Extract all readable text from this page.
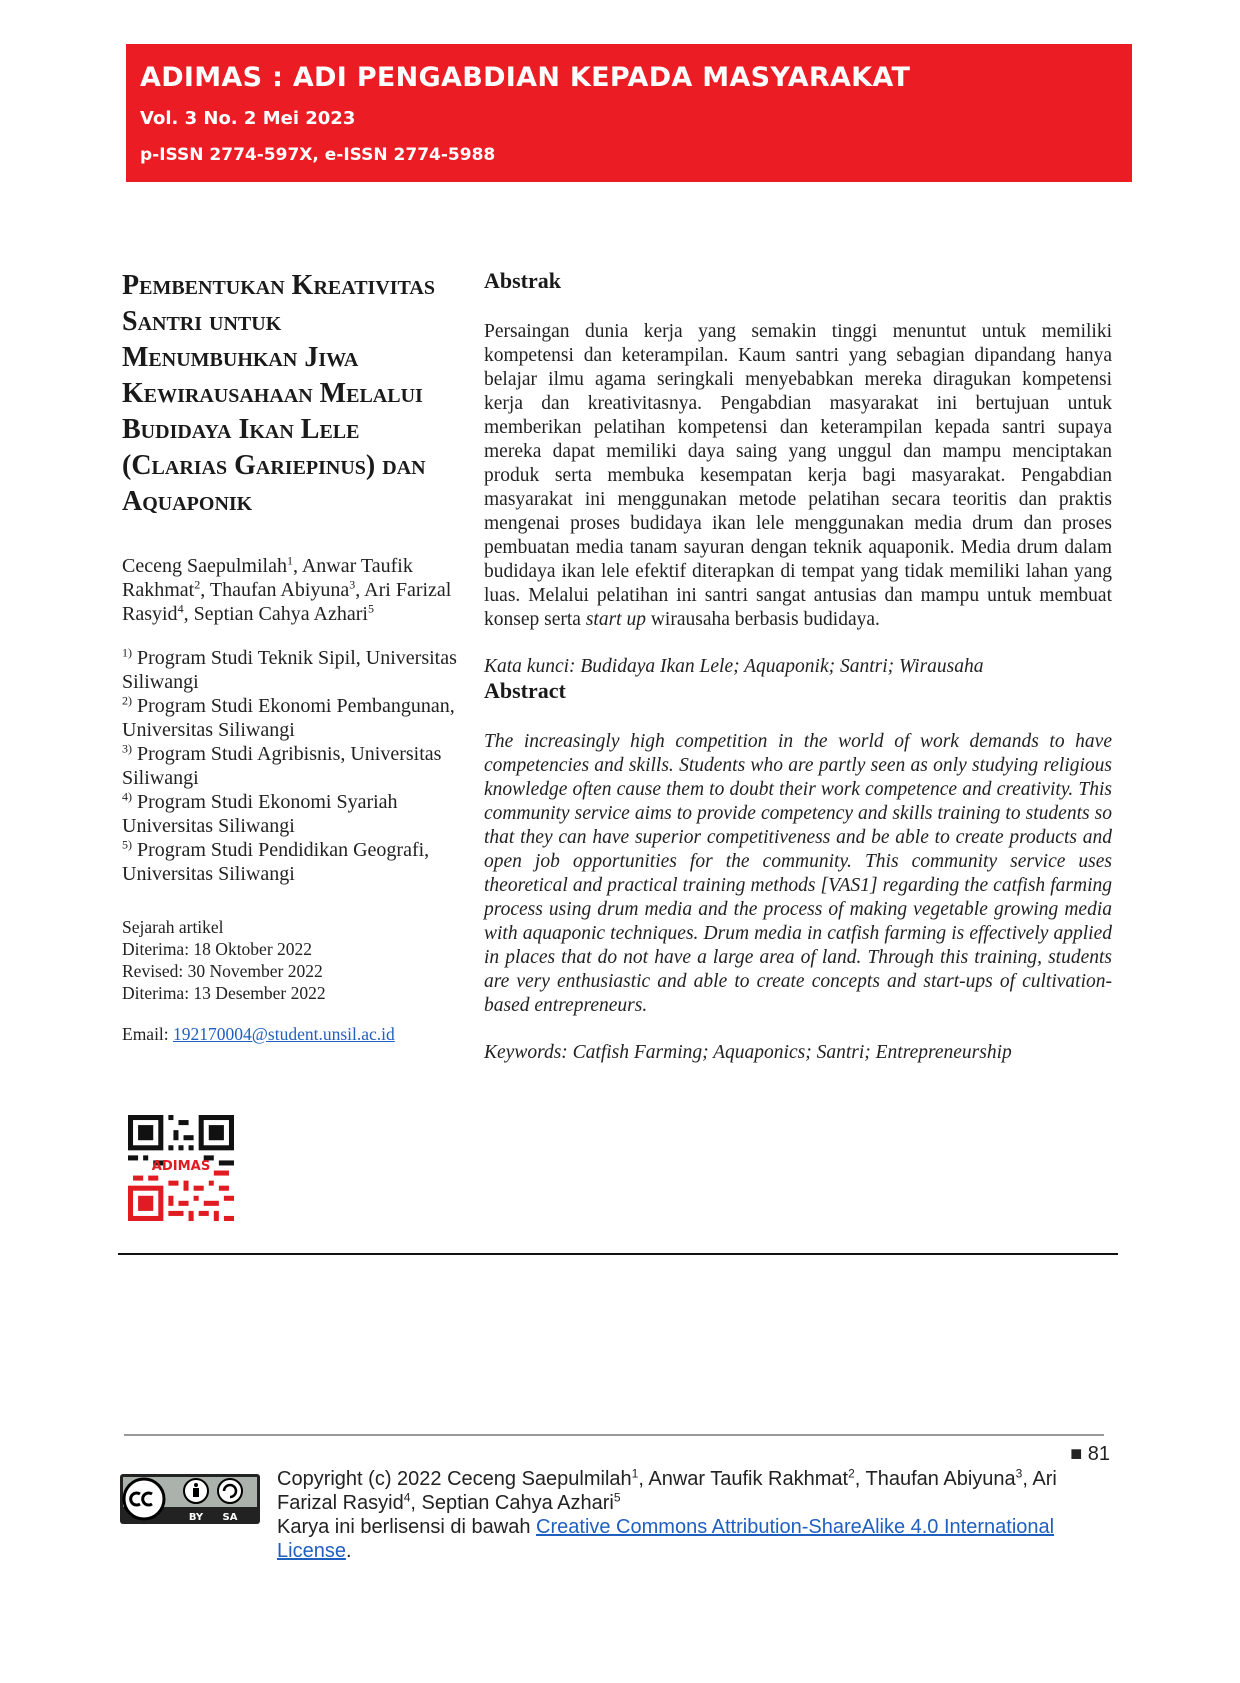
ADIMAS : ADI PENGABDIAN KEPADA MASYARAKAT
Vol. 3 No. 2 Mei 2023
p-ISSN 2774-597X, e-ISSN 2774-5988
Pembentukan Kreativitas Santri untuk Menumbuhkan Jiwa Kewirausahaan Melalui Budidaya Ikan Lele (Clarias Gariepinus) dan Aquaponik
Ceceng Saepulmilah$^1$, Anwar Taufik Rakhmat$^2$, Thaufan Abiyuna$^3$, Ari Farizal Rasyid$^4$, Septian Cahya Azhari$^5$

$^{1)}$ Program Studi Teknik Sipil, Universitas Siliwangi

$^{2)}$ Program Studi Ekonomi Pembangunan, Universitas Siliwangi

$^{3)}$ Program Studi Agribisnis, Universitas Siliwangi

$^{4)}$ Program Studi Ekonomi Syariah Universitas Siliwangi

$^{5)}$ Program Studi Pendidikan Geografi, Universitas Siliwangi

Sejarah artikel
Diterima: 18 Oktober 2022
Revised: 30 November 2022
Diterima: 13 Desember 2022
Email: 192170004@student.unsil.ac.id
ADIMAS
Abstrak

Persaingan dunia kerja yang semakin tinggi menuntut untuk memiliki kompetensi dan keterampilan. Kaum santri yang sebagian dipandang hanya belajar ilmu agama seringkali menyebabkan mereka diragukan kompetensi kerja dan kreativitasnya. Pengabdian masyarakat ini bertujuan untuk memberikan pelatihan kompetensi dan keterampilan kepada santri supaya mereka dapat memiliki daya saing yang unggul dan mampu menciptakan produk serta membuka kesempatan kerja bagi masyarakat. Pengabdian masyarakat ini menggunakan metode pelatihan secara teoritis dan praktis mengenai proses budidaya ikan lele menggunakan media drum dan proses pembuatan media tanam sayuran dengan teknik aquaponik. Media drum dalam budidaya ikan lele efektif diterapkan di tempat yang tidak memiliki lahan yang luas. Melalui pelatihan ini santri sangat antusias dan mampu untuk membuat konsep serta start up wirausaha berbasis budidaya.

Kata kunci: Budidaya Ikan Lele; Aquaponik; Santri; Wirausaha
Abstract

The increasingly high competition in the world of work demands to have competencies and skills. Students who are partly seen as only studying religious knowledge often cause them to doubt their work competence and creativity. This community service aims to provide competency and skills training to students so that they can have superior competitiveness and be able to create products and open job opportunities for the community. This community service uses theoretical and practical training methods [VAS1] regarding the catfish farming process using drum media and the process of making vegetable growing media with aquaponic techniques. Drum media in catfish farming is effectively applied in places that do not have a large area of land. Through this training, students are very enthusiastic and able to create concepts and start-ups of cultivation-based entrepreneurs.

Keywords: Catfish Farming; Aquaponics; Santri; Entrepreneurship
■ 81
BY SA
Copyright (c) 2022 Ceceng Saepulmilah$^1$, Anwar Taufik Rakhmat$^2$, Thaufan Abiyuna$^3$, Ari Farizal Rasyid$^4$, Septian Cahya Azhari$^5$
Karya ini berlisensi di bawah Creative Commons Attribution-ShareAlike 4.0 International License.
